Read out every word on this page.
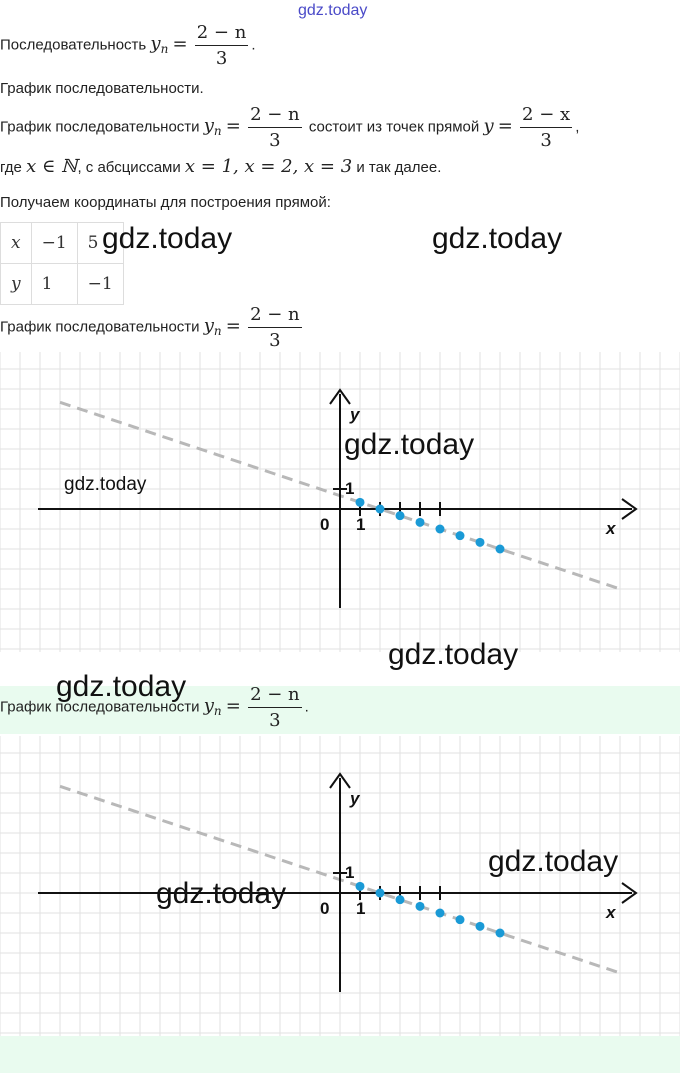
gdz.today
Последовательность $y_n = \frac{2 - n}{3}$ .
График последовательности.
График последовательности $y_n = \frac{2 - n}{3}$ состоит из точек прямой $y = \frac{2 - x}{3}$ ,
где x ∈ ℕ, с абсциссами x = 1, x = 2, x = 3 и так далее.
Получаем координаты для построения прямой:
x	−1	5
y	1	−1
График последовательности $y_n = \frac{2 - n}{3}$
y
x
0 1
1
График последовательности $y_n = \frac{2 - n}{3}$ .
y
x
0 1
1
gdz.today	gdz.today
gdz.today
gdz.today
gdz.today
gdz.today
gdz.today
gdz.today
